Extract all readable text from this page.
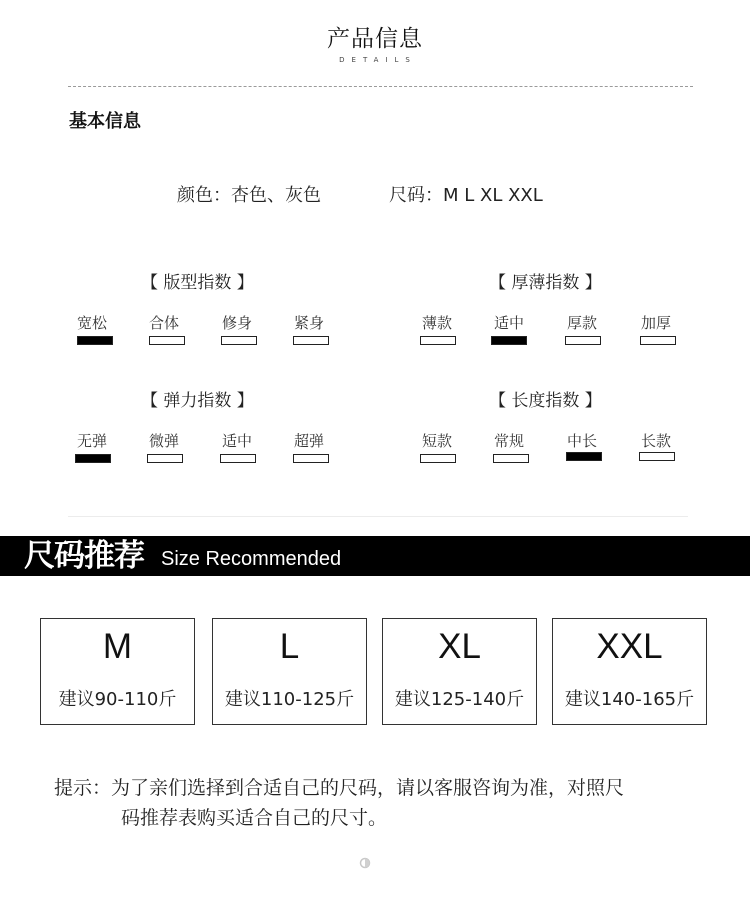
产品信息
DETAILS
基本信息
颜色：杏色、灰色	尺码：M L XL XXL
【 版型指数 】
宽松	合体	修身	紧身
【 厚薄指数 】
薄款	适中	厚款	加厚
【 弹力指数 】
无弹	微弹	适中	超弹
【 长度指数 】
短款	常规	中长	长款
尺码推荐 Size Recommended
M
建议90-110斤
L
建议110-125斤
XL
建议125-140斤
XXL
建议140-165斤
提示：为了亲们选择到合适自己的尺码，请以客服咨询为准，对照尺
码推荐表购买适合自己的尺寸。
